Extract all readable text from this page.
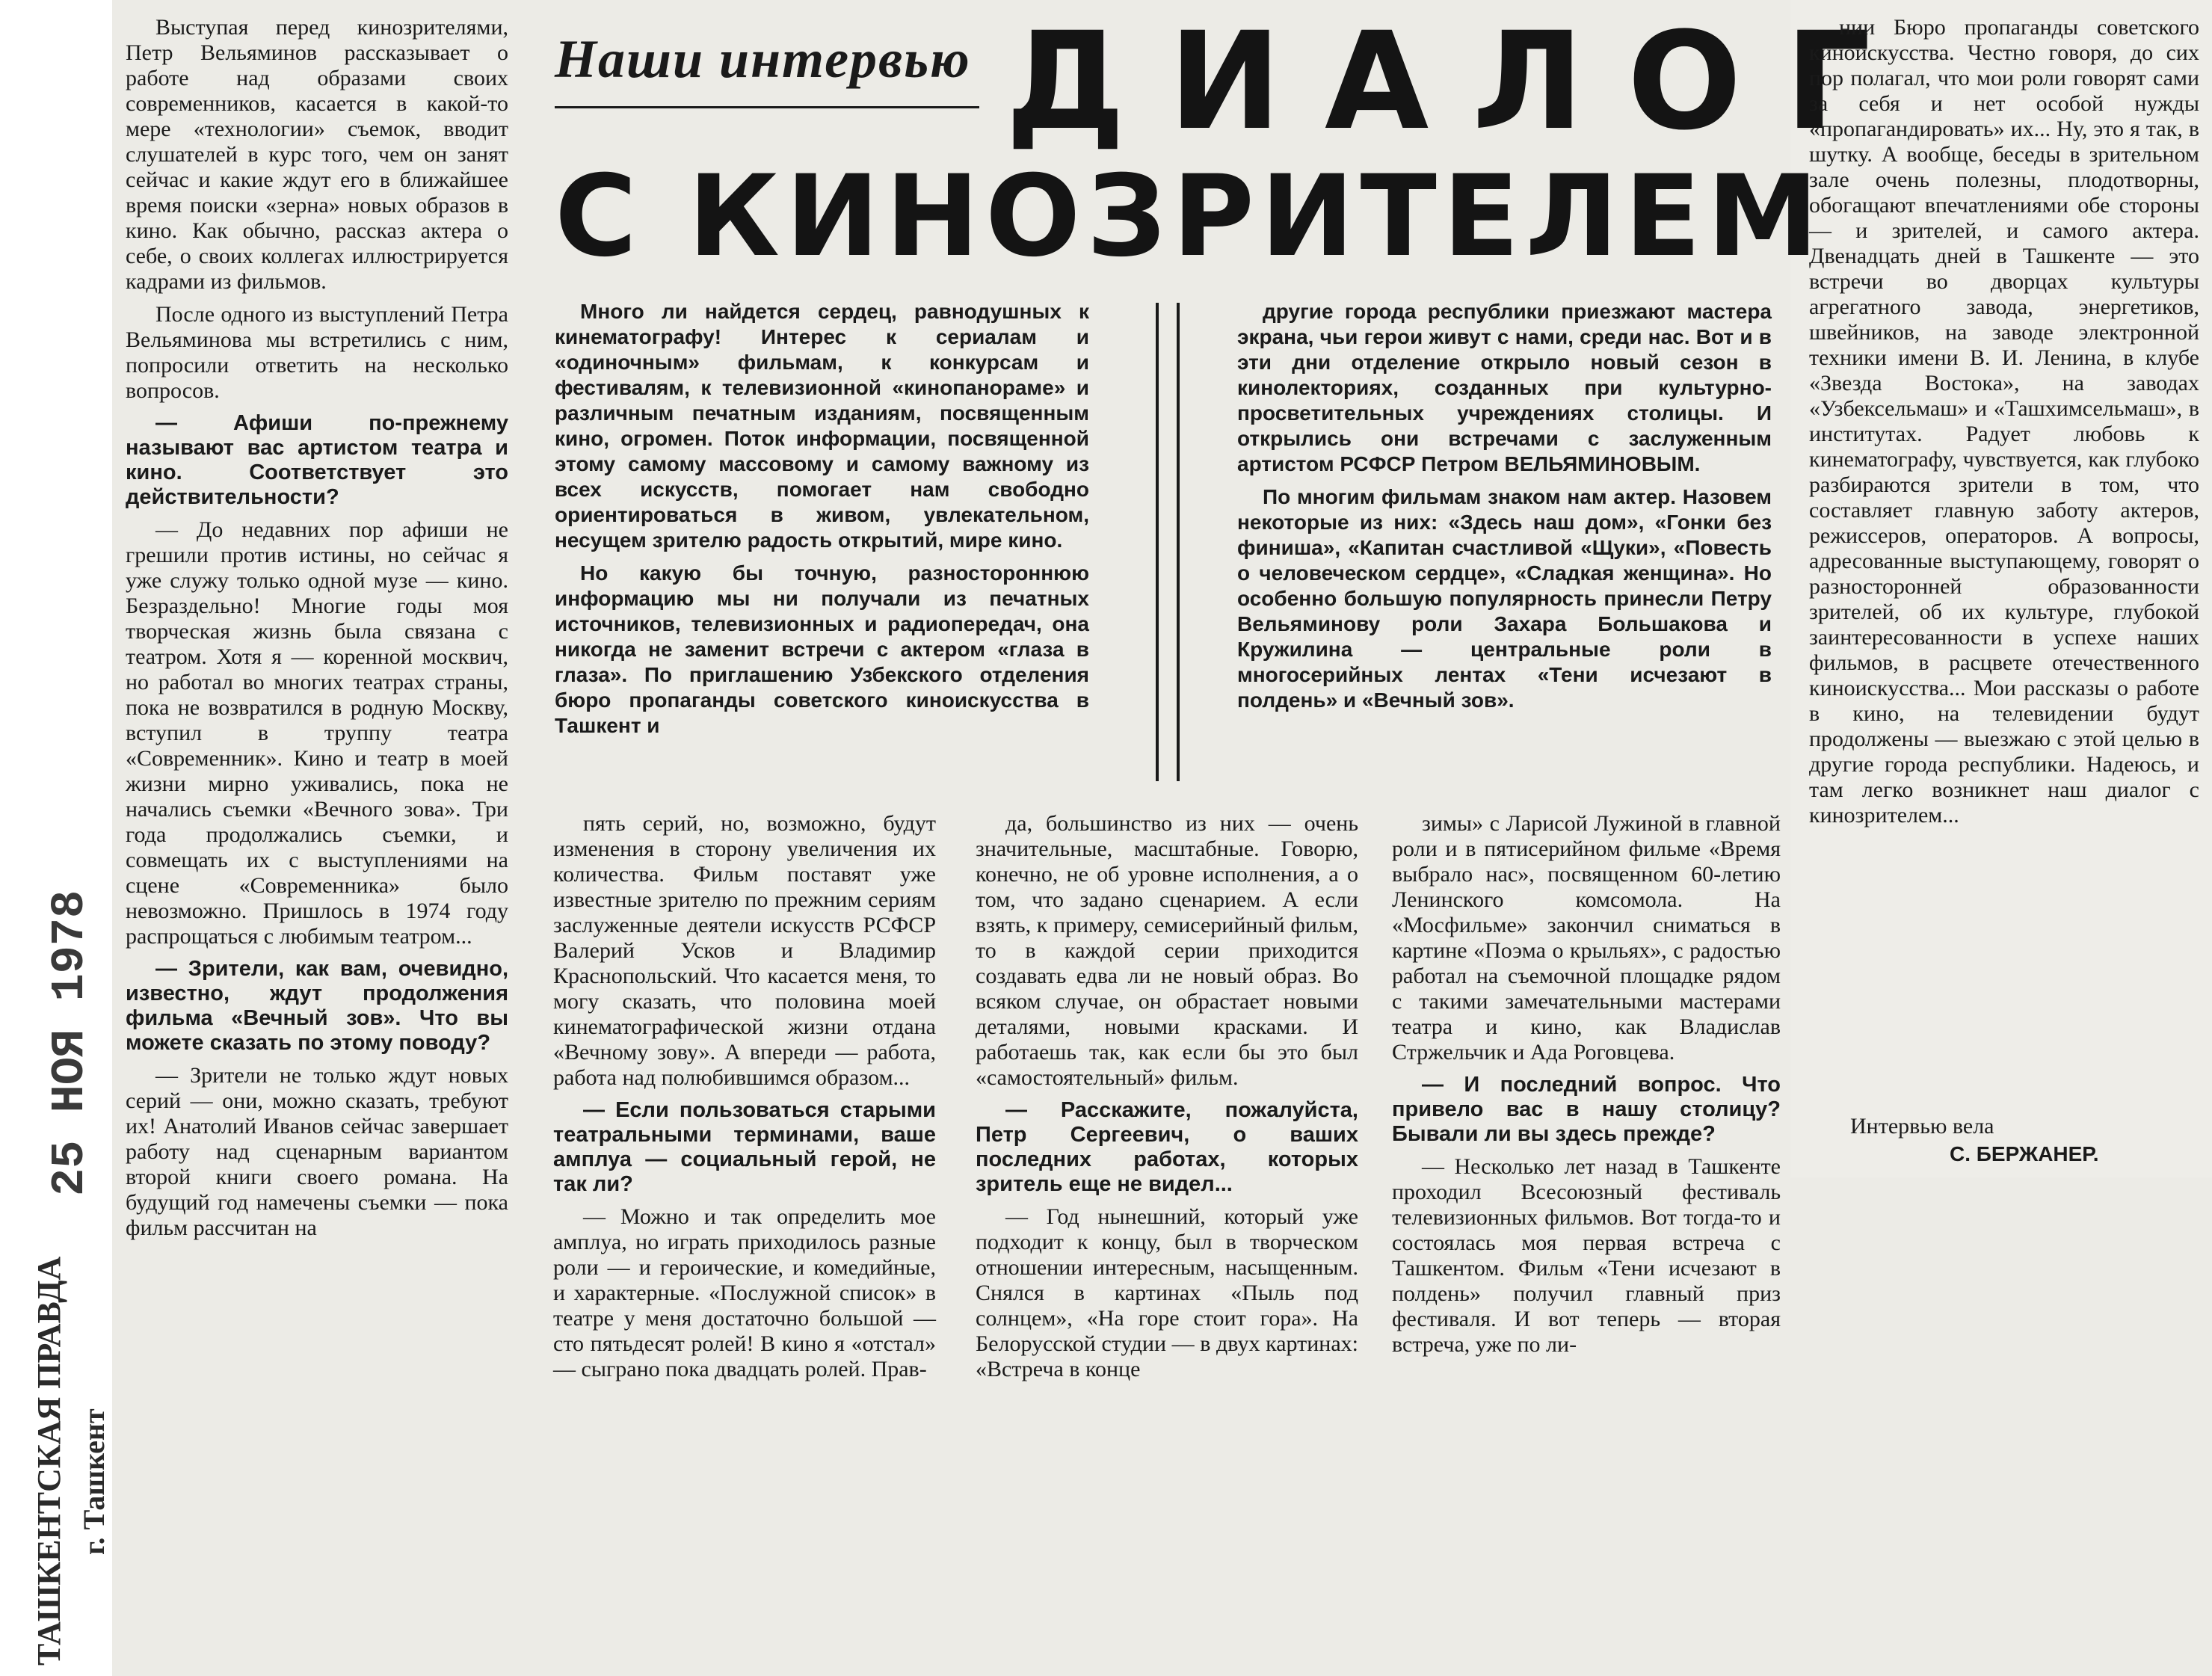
25 НОЯ 1978
ТАШКЕНТСКАЯ ПРАВДА г. Ташкент
Наши интервью ДИАЛОГ
С КИНОЗРИТЕЛЕМ

Много ли найдется сердец, равнодушных к кинематографу! Интерес к сериалам и «одиночным» фильмам, к конкурсам и фестивалям, к телевизионной «кинопанораме» и различным печатным изданиям, посвященным кино, огромен. Поток информации, посвященной этому самому массовому и самому важному из всех искусств, помогает нам свободно ориентироваться в живом, увлекательном, несущем зрителю радость открытий, мире кино.

Но какую бы точную, разностороннюю информацию мы ни получали из печатных источников, телевизионных и радиопередач, она никогда не заменит встречи с актером «глаза в глаза». По приглашению Узбекского отделения бюро пропаганды советского киноискусства в Ташкент и

другие города республики приезжают мастера экрана, чьи герои живут с нами, среди нас. Вот и в эти дни отделение открыло новый сезон в кинолекториях, созданных при культурно-просветительных учреждениях столицы. И открылись они встречами с заслуженным артистом РСФСР Петром ВЕЛЬЯМИНОВЫМ.

По многим фильмам знаком нам актер. Назовем некоторые из них: «Здесь наш дом», «Гонки без финиша», «Капитан счастливой «Щуки», «Повесть о человеческом сердце», «Сладкая женщина». Но особенно большую популярность принесли Петру Вельяминову роли Захара Большакова и Кружилина — центральные роли в многосерийных лентах «Тени исчезают в полдень» и «Вечный зов».

Выступая перед кинозрителями, Петр Вельяминов рассказывает о работе над образами своих современников, касается в какой-то мере «технологии» съемок, вводит слушателей в курс того, чем он занят сейчас и какие ждут его в ближайшее время поиски «зерна» новых образов в кино. Как обычно, рассказ актера о себе, о своих коллегах иллюстрируется кадрами из фильмов.

После одного из выступлений Петра Вельяминова мы встретились с ним, попросили ответить на несколько вопросов.

— Афиши по-прежнему называют вас артистом театра и кино. Соответствует это действительности?

— До недавних пор афиши не грешили против истины, но сейчас я уже служу только одной музе — кино. Безраздельно! Многие годы моя творческая жизнь была связана с театром. Хотя я — коренной москвич, но работал во многих театрах страны, пока не возвратился в родную Москву, вступил в труппу театра «Современник». Кино и театр в моей жизни мирно уживались, пока не начались съемки «Вечного зова». Три года продолжались съемки, и совмещать их с выступлениями на сцене «Современника» было невозможно. Пришлось в 1974 году распрощаться с любимым театром...

— Зрители, как вам, очевидно, известно, ждут продолжения фильма «Вечный зов». Что вы можете сказать по этому поводу?

— Зрители не только ждут новых серий — они, можно сказать, требуют их! Анатолий Иванов сейчас завершает работу над сценарным вариантом второй книги своего романа. На будущий год намечены съемки — пока фильм рассчитан на

пять серий, но, возможно, будут изменения в сторону увеличения их количества. Фильм поставят уже известные зрителю по прежним сериям заслуженные деятели искусств РСФСР Валерий Усков и Владимир Краснопольский. Что касается меня, то могу сказать, что половина моей кинематографической жизни отдана «Вечному зову». А впереди — работа, работа над полюбившимся образом...

— Если пользоваться старыми театральными терминами, ваше амплуа — социальный герой, не так ли?

— Можно и так определить мое амплуа, но играть приходилось разные роли — и героические, и комедийные, и характерные. «Послужной список» в театре у меня достаточно большой — сто пятьдесят ролей! В кино я «отстал» — сыграно пока двадцать ролей. Прав-

да, большинство из них — очень значительные, масштабные. Говорю, конечно, не об уровне исполнения, а о том, что задано сценарием. А если взять, к примеру, семисерийный фильм, то в каждой серии приходится создавать едва ли не новый образ. Во всяком случае, он обрастает новыми деталями, новыми красками. И работаешь так, как если бы это был «самостоятельный» фильм.

— Расскажите, пожалуйста, Петр Сергеевич, о ваших последних работах, которых зритель еще не видел...

— Год нынешний, который уже подходит к концу, был в творческом отношении интересным, насыщенным. Снялся в картинах «Пыль под солнцем», «На горе стоит гора». На Белорусской студии — в двух картинах: «Встреча в конце

зимы» с Ларисой Лужиной в главной роли и в пятисерийном фильме «Время выбрало нас», посвященном 60-летию Ленинского комсомола. На «Мосфильме» закончил сниматься в картине «Поэма о крыльях», с радостью работал на съемочной площадке рядом с такими замечательными мастерами театра и кино, как Владислав Стржельчик и Ада Роговцева.

— И последний вопрос. Что привело вас в нашу столицу? Бывали ли вы здесь прежде?

— Несколько лет назад в Ташкенте проходил Всесоюзный фестиваль телевизионных фильмов. Вот тогда-то и состоялась моя первая встреча с Ташкентом. Фильм «Тени исчезают в полдень» получил главный приз фестиваля. И вот теперь — вторая встреча, уже по ли-

нии Бюро пропаганды советского киноискусства. Честно говоря, до сих пор полагал, что мои роли говорят сами за себя и нет особой нужды «пропагандировать» их... Ну, это я так, в шутку. А вообще, беседы в зрительном зале очень полезны, плодотворны, обогащают впечатлениями обе стороны — и зрителей, и самого актера. Двенадцать дней в Ташкенте — это встречи во дворцах культуры агрегатного завода, энергетиков, швейников, на заводе электронной техники имени В. И. Ленина, в клубе «Звезда Востока», на заводах «Узбексельмаш» и «Ташхимсельмаш», в институтах. Радует любовь к кинематографу, чувствуется, как глубоко разбираются зрители в том, что составляет главную заботу актеров, режиссеров, операторов. А вопросы, адресованные выступающему, говорят о разносторонней образованности зрителей, об их культуре, глубокой заинтересованности в успехе наших фильмов, в расцвете отечественного киноискусства... Мои рассказы о работе в кино, на телевидении будут продолжены — выезжаю с этой целью в другие города республики. Надеюсь, и там легко возникнет наш диалог с кинозрителем...

Интервью вела
С. БЕРЖАНЕР.
